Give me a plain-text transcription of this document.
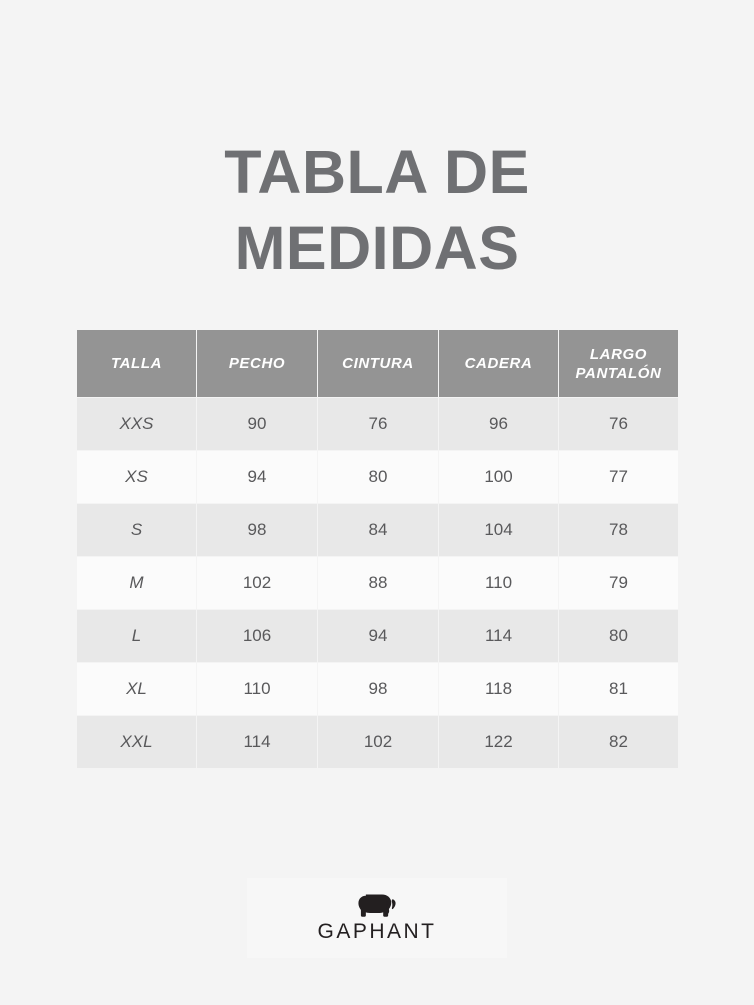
TABLA DE
MEDIDAS
TALLA	PECHO	CINTURA	CADERA	LARGO
PANTALÓN

XXS	90	76	96	76
XS	94	80	100	77
S	98	84	104	78
M	102	88	110	79
L	106	94	114	80
XL	110	98	118	81
XXL	114	102	122	82
GAPHANT
